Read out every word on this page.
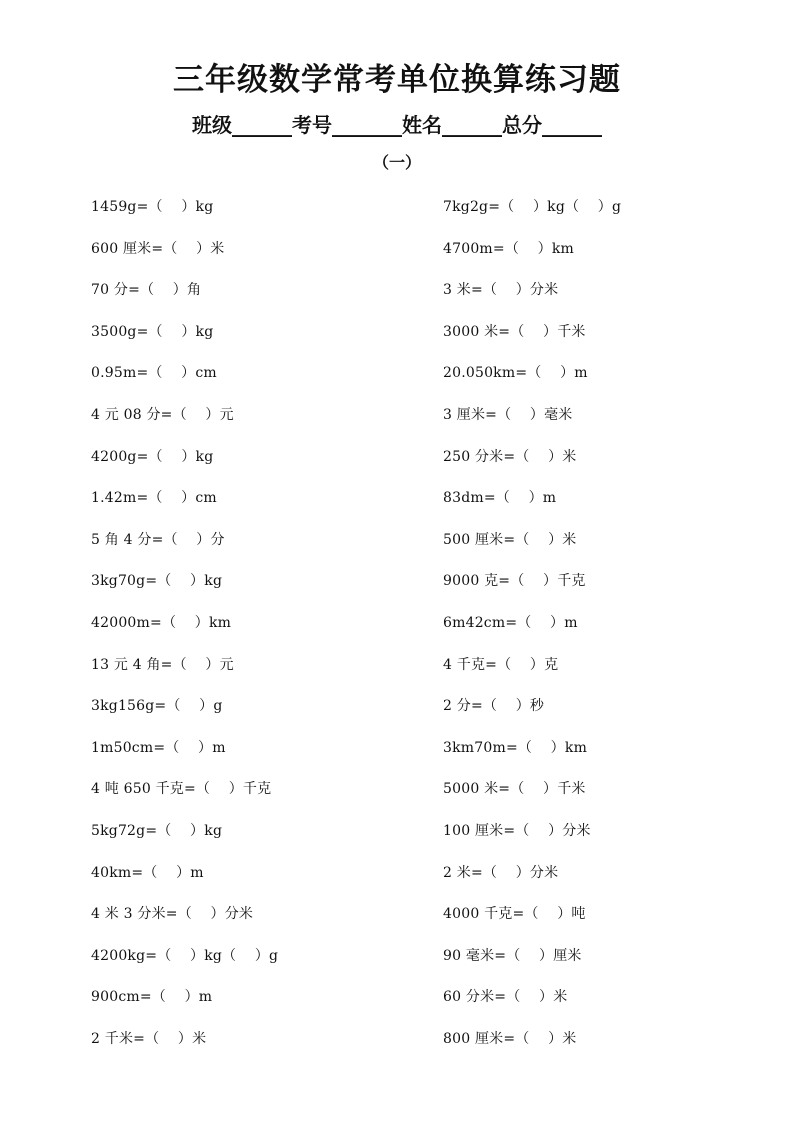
三年级数学常考单位换算练习题
班级______考号_______姓名______总分______
（一）
1459g=（    ）kg
600 厘米=（    ）米
70 分=（    ）角
3500g=（    ）kg
0.95m=（    ）cm
4 元 08 分=（    ）元
4200g=（    ）kg
1.42m=（    ）cm
5 角 4 分=（    ）分
3kg70g=（    ）kg
42000m=（    ）km
13 元 4 角=（    ）元
3kg156g=（    ）g
1m50cm=（    ）m
4 吨 650 千克=（    ）千克
5kg72g=（    ）kg
40km=（    ）m
4 米 3 分米=（    ）分米
4200kg=（    ）kg（    ）g
900cm=（    ）m
2 千米=（    ）米
7kg2g=（    ）kg（    ）g
4700m=（    ）km
3 米=（    ）分米
3000 米=（    ）千米
20.050km=（    ）m
3 厘米=（    ）毫米
250 分米=（    ）米
83dm=（    ）m
500 厘米=（    ）米
9000 克=（    ）千克
6m42cm=（    ）m
4 千克=（    ）克
2 分=（    ）秒
3km70m=（    ）km
5000 米=（    ）千米
100 厘米=（    ）分米
2 米=（    ）分米
4000 千克=（    ）吨
90 毫米=（    ）厘米
60 分米=（    ）米
800 厘米=（    ）米
